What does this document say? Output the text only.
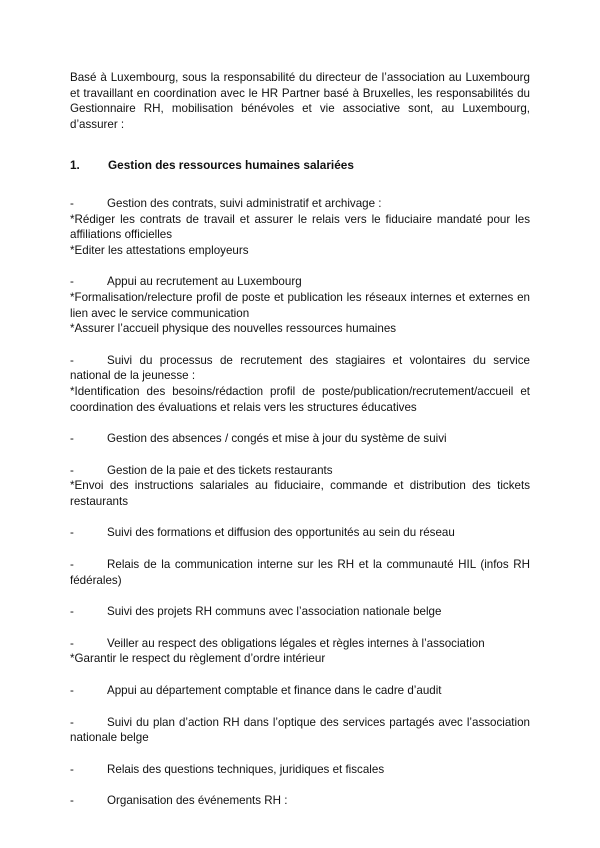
Basé à Luxembourg, sous la responsabilité du directeur de l’association au Luxembourg et travaillant en coordination avec le HR Partner basé à Bruxelles, les responsabilités du Gestionnaire RH, mobilisation bénévoles et vie associative sont, au Luxembourg, d’assurer :

1. Gestion des ressources humaines salariées

-	Gestion des contrats, suivi administratif et archivage :

*Rédiger les contrats de travail et assurer le relais vers le fiduciaire mandaté pour les affiliations officielles

*Editer les attestations employeurs

-	Appui au recrutement au Luxembourg

*Formalisation/relecture profil de poste et publication les réseaux internes et externes en lien avec le service communication

*Assurer l’accueil physique des nouvelles ressources humaines

-	Suivi du processus de recrutement des stagiaires et volontaires du service national de la jeunesse :

*Identification des besoins/rédaction profil de poste/publication/recrutement/accueil et coordination des évaluations et relais vers les structures éducatives

-	Gestion des absences / congés et mise à jour du système de suivi

-	Gestion de la paie et des tickets restaurants

*Envoi des instructions salariales au fiduciaire, commande et distribution des tickets restaurants

-	Suivi des formations et diffusion des opportunités au sein du réseau

-	Relais de la communication interne sur les RH et la communauté HIL (infos RH fédérales)

-	Suivi des projets RH communs avec l’association nationale belge

-	Veiller au respect des obligations légales et règles internes à l’association

*Garantir le respect du règlement d’ordre intérieur

-	Appui au département comptable et finance dans le cadre d’audit

-	Suivi du plan d’action RH dans l’optique des services partagés avec l’association nationale belge

-	Relais des questions techniques, juridiques et fiscales

-	Organisation des événements RH :
